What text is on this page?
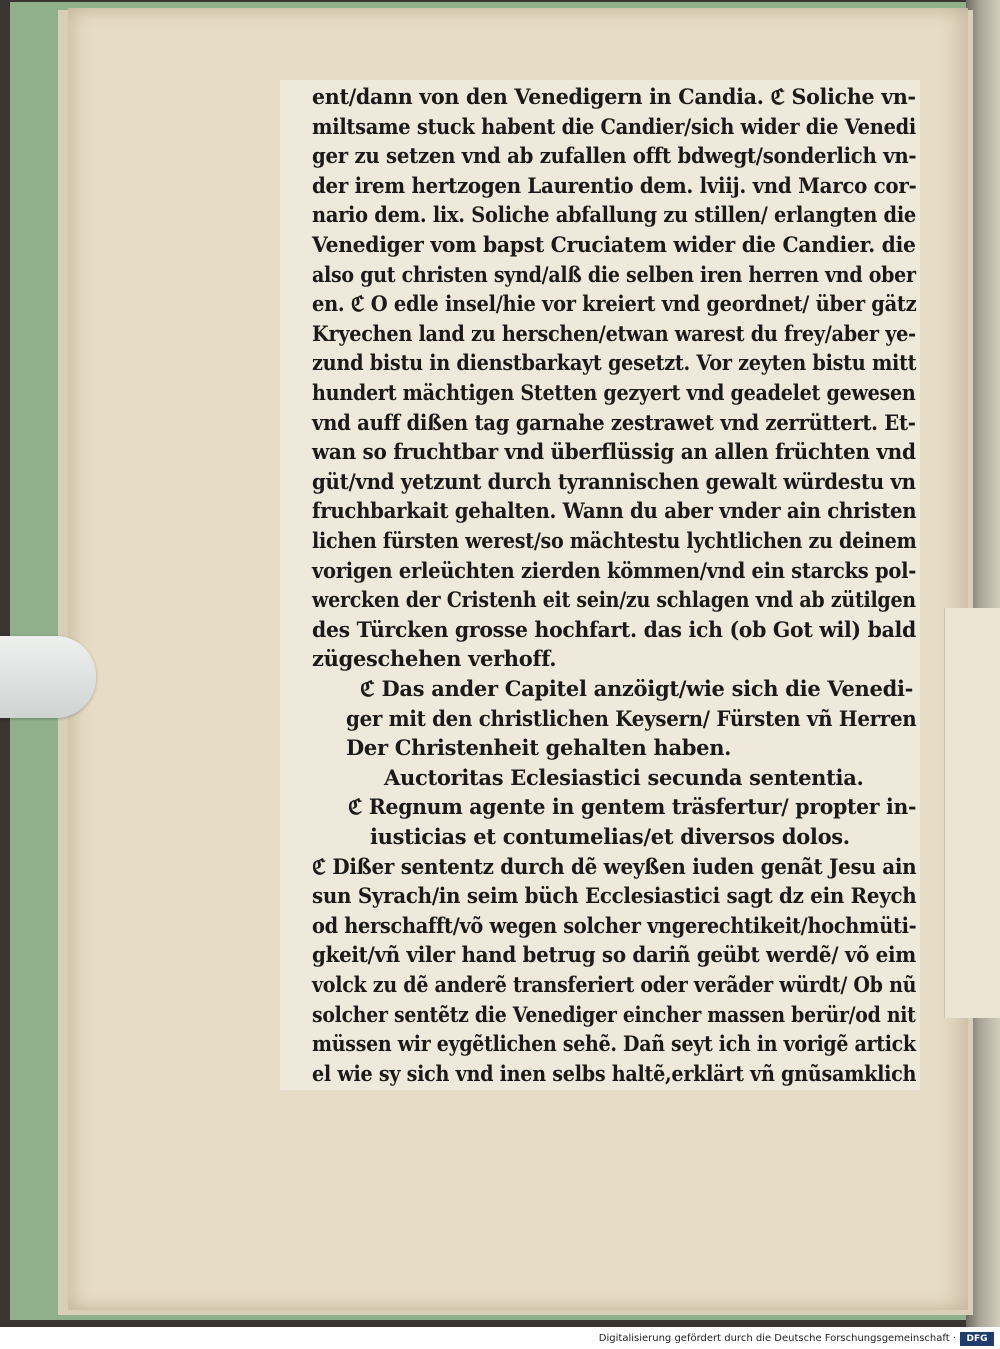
ent/dann von den Venedigern in Candia. ℭ Soliche vn-
miltsame stuck habent die Candier/sich wider die Venedi
ger zu setzen vnd ab zufallen offt bdwegt/sonderlich vn-
der irem hertzogen Laurentio dem. lviij. vnd Marco cor-
nario dem. lix. Soliche abfallung zu stillen/ erlangten die
Venediger vom bapst Cruciatem wider die Candier. die
also gut christen synd/alß die selben iren herren vnd ober
en. ℭ O edle insel/hie vor kreiert vnd geordnet/ über gätz
Kryechen land zu herschen/etwan warest du frey/aber ye-
zund bistu in dienstbarkayt gesetzt. Vor zeyten bistu mitt
hundert mächtigen Stetten gezyert vnd geadelet gewesen
vnd auff dißen tag garnahe zestrawet vnd zerrüttert. Et-
wan so fruchtbar vnd überflüssig an allen früchten vnd
güt/vnd yetzunt durch tyrannischen gewalt würdestu vn
fruchbarkait gehalten. Wann du aber vnder ain christen
lichen fürsten werest/so mächtestu lychtlichen zu deinem
vorigen erleüchten zierden kömmen/vnd ein starcks pol-
wercken der Cristenh eit sein/zu schlagen vnd ab zütilgen
des Türcken grosse hochfart. das ich (ob Got wil) bald
zügeschehen verhoff.
ℭ Das ander Capitel anzöigt/wie sich die Venedi-
ger mit den christlichen Keysern/ Fürsten vñ Herren
Der Christenheit gehalten haben.
Auctoritas Eclesiastici secunda sententia.
ℭ Regnum agente in gentem träsfertur/ propter in-
iusticias et contumelias/et diversos dolos.
ℭ Dißer sententz durch dẽ weyßen iuden genãt Jesu ain
sun Syrach/in seim büch Ecclesiastici sagt dz ein Reych
od herschafft/võ wegen solcher vngerechtikeit/hochmüti-
gkeit/vñ viler hand betrug so dariñ geübt werdẽ/ võ eim
volck zu dẽ anderẽ transferiert oder verãder würdt/ Ob nũ
solcher sentẽtz die Venediger eincher massen berür/od nit
müssen wir eygẽtlichen sehẽ. Dañ seyt ich in vorigẽ artick
el wie sy sich vnd inen selbs haltẽ,erklärt vñ gnũsamklich
Digitalisierung gefördert durch die Deutsche Forschungsgemeinschaft ·	DFG
